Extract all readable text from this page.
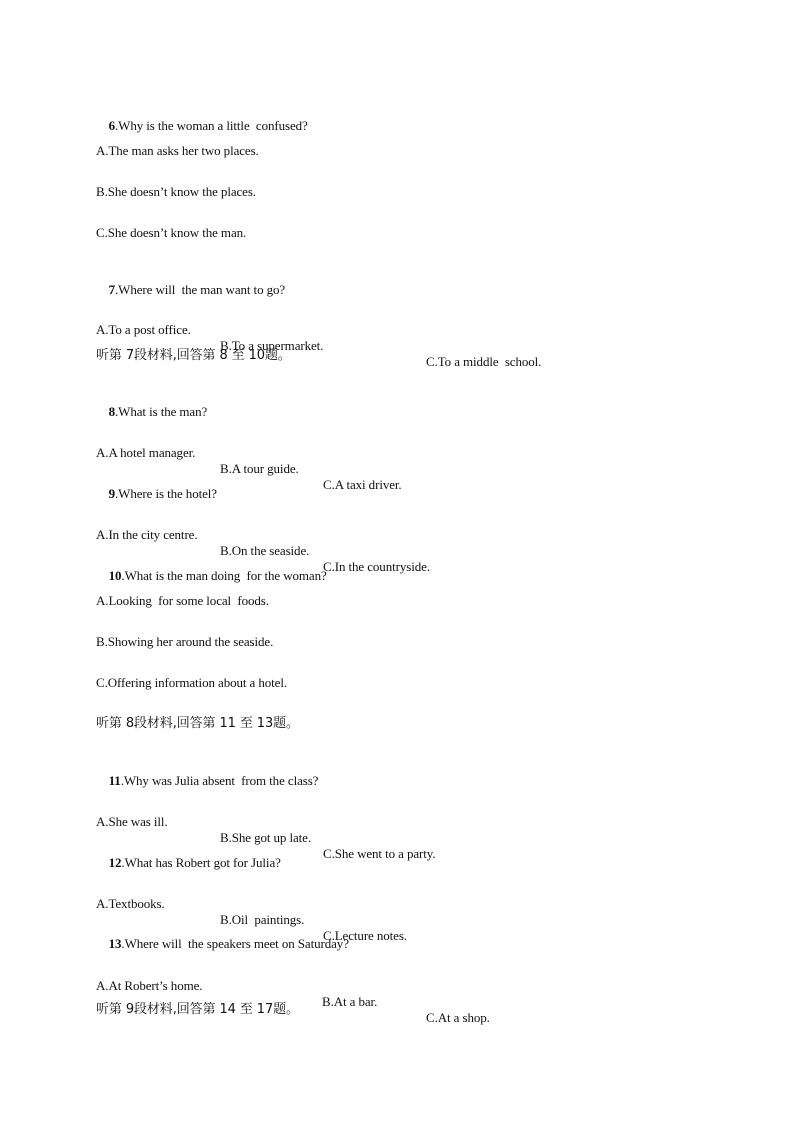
6.Why is the woman a little  confused?

A.The man asks her two places.
B.She doesn’t know the places.
C.She doesn’t know the man.

7.Where will  the man want to go?

A.To a post office.

B.To a supermarket.

C.To a middle  school.

听第 7段材料,回答第 8 至 10题。

8.What is the man?

A.A hotel manager.

B.A tour guide.

C.A taxi driver.

9.Where is the hotel?

A.In the city centre.

B.On the seaside.

C.In the countryside.

10.What is the man doing  for the woman?

A.Looking  for some local  foods.
B.Showing her around the seaside.
C.Offering information about a hotel.
听第 8段材料,回答第 11 至 13题。

11.Why was Julia absent  from the class?

A.She was ill.

B.She got up late.

C.She went to a party.

12.What has Robert got for Julia?

A.Textbooks.

B.Oil  paintings.

C.Lecture notes.

13.Where will  the speakers meet on Saturday?

A.At Robert’s home.

B.At a bar.

C.At a shop.

听第 9段材料,回答第 14 至 17题。
